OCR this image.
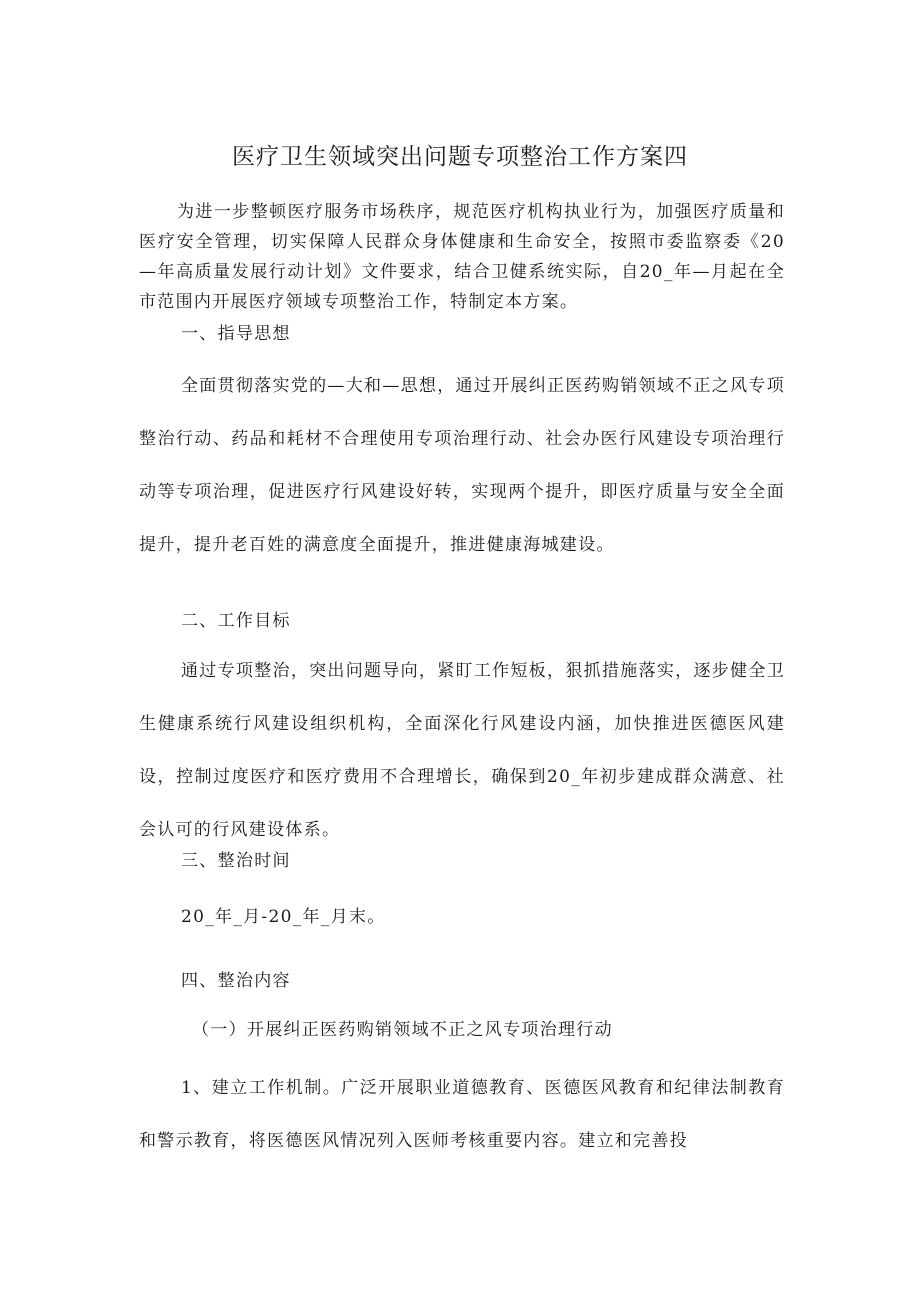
医疗卫生领域突出问题专项整治工作方案四

为进一步整顿医疗服务市场秩序，规范医疗机构执业行为，加强医疗质量和医疗安全管理，切实保障人民群众身体健康和生命安全，按照市委监察委《20—年高质量发展行动计划》文件要求，结合卫健系统实际，自20_年—月起在全市范围内开展医疗领域专项整治工作，特制定本方案。

一、指导思想

全面贯彻落实党的—大和—思想，通过开展纠正医药购销领域不正之风专项整治行动、药品和耗材不合理使用专项治理行动、社会办医行风建设专项治理行动等专项治理，促进医疗行风建设好转，实现两个提升，即医疗质量与安全全面提升，提升老百姓的满意度全面提升，推进健康海城建设。

二、工作目标

通过专项整治，突出问题导向，紧盯工作短板，狠抓措施落实，逐步健全卫生健康系统行风建设组织机构，全面深化行风建设内涵，加快推进医德医风建设，控制过度医疗和医疗费用不合理增长，确保到20_年初步建成群众满意、社会认可的行风建设体系。

三、整治时间

20_年_月-20_年_月末。

四、整治内容
（一）开展纠正医药购销领域不正之风专项治理行动

1、建立工作机制。广泛开展职业道德教育、医德医风教育和纪律法制教育和警示教育，将医德医风情况列入医师考核重要内容。建立和完善投
